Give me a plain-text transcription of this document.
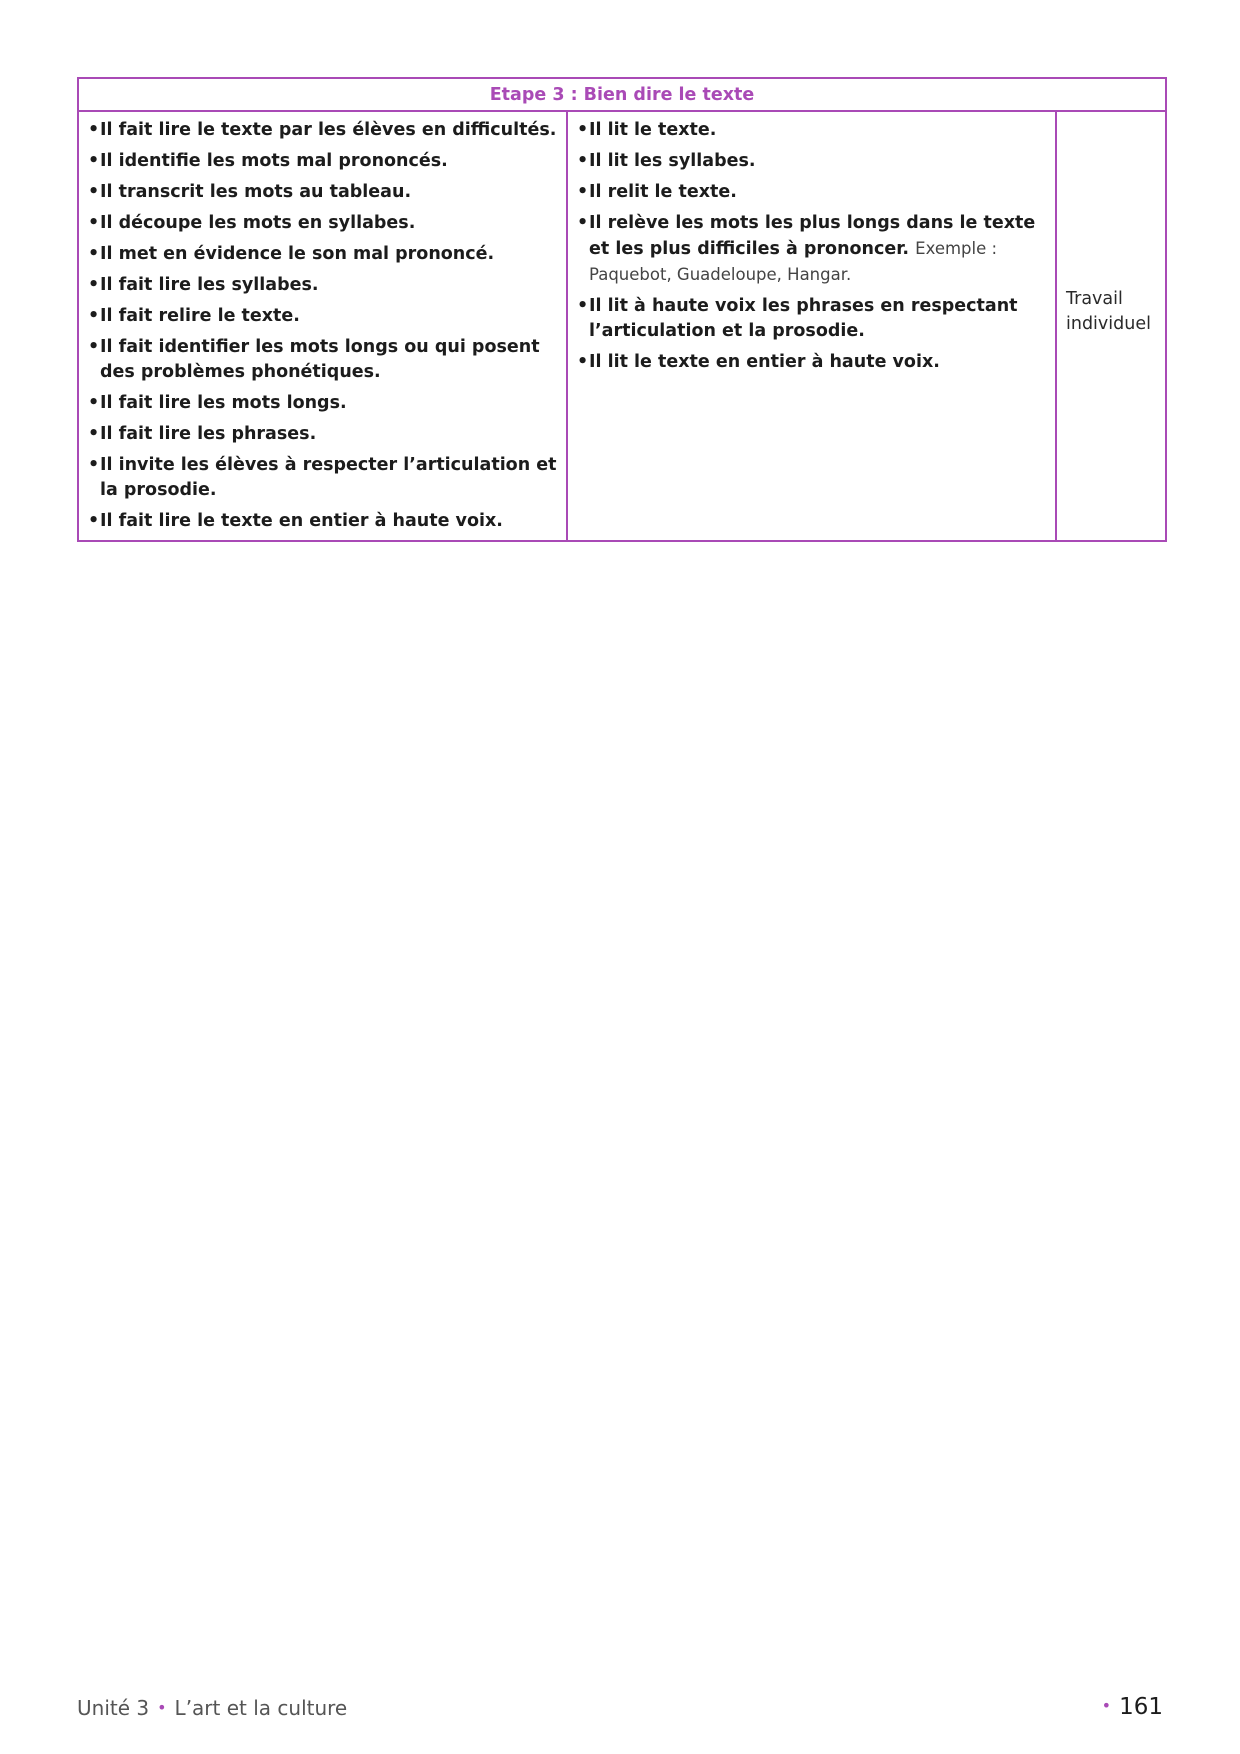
Etape 3 : Bien dire le texte

• Il fait lire le texte par les élèves en difficultés.
• Il identifie les mots mal prononcés.
• Il transcrit les mots au tableau.
• Il découpe les mots en syllabes.
• Il met en évidence le son mal prononcé.
• Il fait lire les syllabes.
• Il fait relire le texte.
• Il fait identifier les mots longs ou qui posent des problèmes phonétiques.
• Il fait lire les mots longs.
• Il fait lire les phrases.
• Il invite les élèves à respecter l’articulation et la prosodie.
• Il fait lire le texte en entier à haute voix.

• Il lit le texte.
• Il lit les syllabes.
• Il relit le texte.
• Il relève les mots les plus longs dans le texte et les plus difficiles à prononcer. Exemple : Paquebot, Guadeloupe, Hangar.
• Il lit à haute voix les phrases en respectant l’articulation et la prosodie.
• Il lit le texte en entier à haute voix.

Travail individuel
Unité 3 • L’art et la culture	• 161
